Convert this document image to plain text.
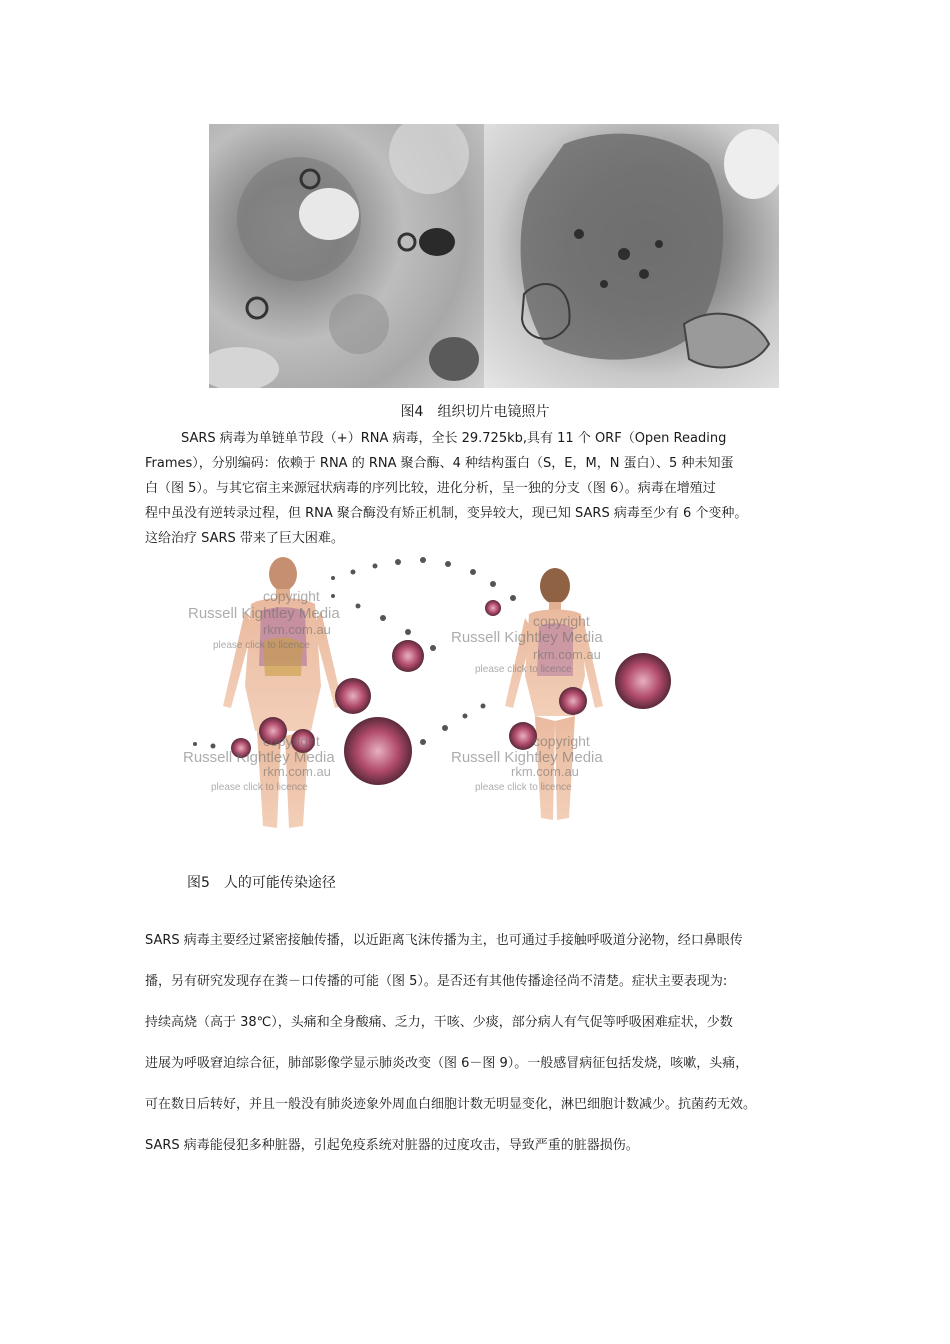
图4　组织切片电镜照片
SARS 病毒为单链单节段（+）RNA 病毒，全长 29.725kb,具有 11 个 ORF（Open Reading
Frames），分别编码：依赖于 RNA 的 RNA 聚合酶、4 种结构蛋白（S，E，M，N 蛋白）、5 种未知蛋
白（图 5）。与其它宿主来源冠状病毒的序列比较，进化分析，呈一独的分支（图 6）。病毒在增殖过
程中虽没有逆转录过程，但 RNA 聚合酶没有矫正机制，变异较大，现已知 SARS 病毒至少有 6 个变种。
这给治疗 SARS 带来了巨大困难。
copyright
Russell Kightley Media
rkm.com.au
please click to licence
copyright
Russell Kightley Media
rkm.com.au
please click to licence
copyright
Russell Kightley Media
rkm.com.au
please click to licence
copyright
Russell Kightley Media
rkm.com.au
please click to licence
图5　人的可能传染途径
SARS 病毒主要经过紧密接触传播，以近距离飞沫传播为主，也可通过手接触呼吸道分泌物，经口鼻眼传
播，另有研究发现存在粪－口传播的可能（图 5）。是否还有其他传播途径尚不清楚。症状主要表现为:
持续高烧（高于 38℃），头痛和全身酸痛、乏力，干咳、少痰，部分病人有气促等呼吸困难症状，少数
进展为呼吸窘迫综合征，肺部影像学显示肺炎改变（图 6－图 9）。一般感冒病征包括发烧，咳嗽，头痛，
可在数日后转好，并且一般没有肺炎迹象外周血白细胞计数无明显变化，淋巴细胞计数减少。抗菌药无效。
SARS 病毒能侵犯多种脏器，引起免疫系统对脏器的过度攻击，导致严重的脏器损伤。
